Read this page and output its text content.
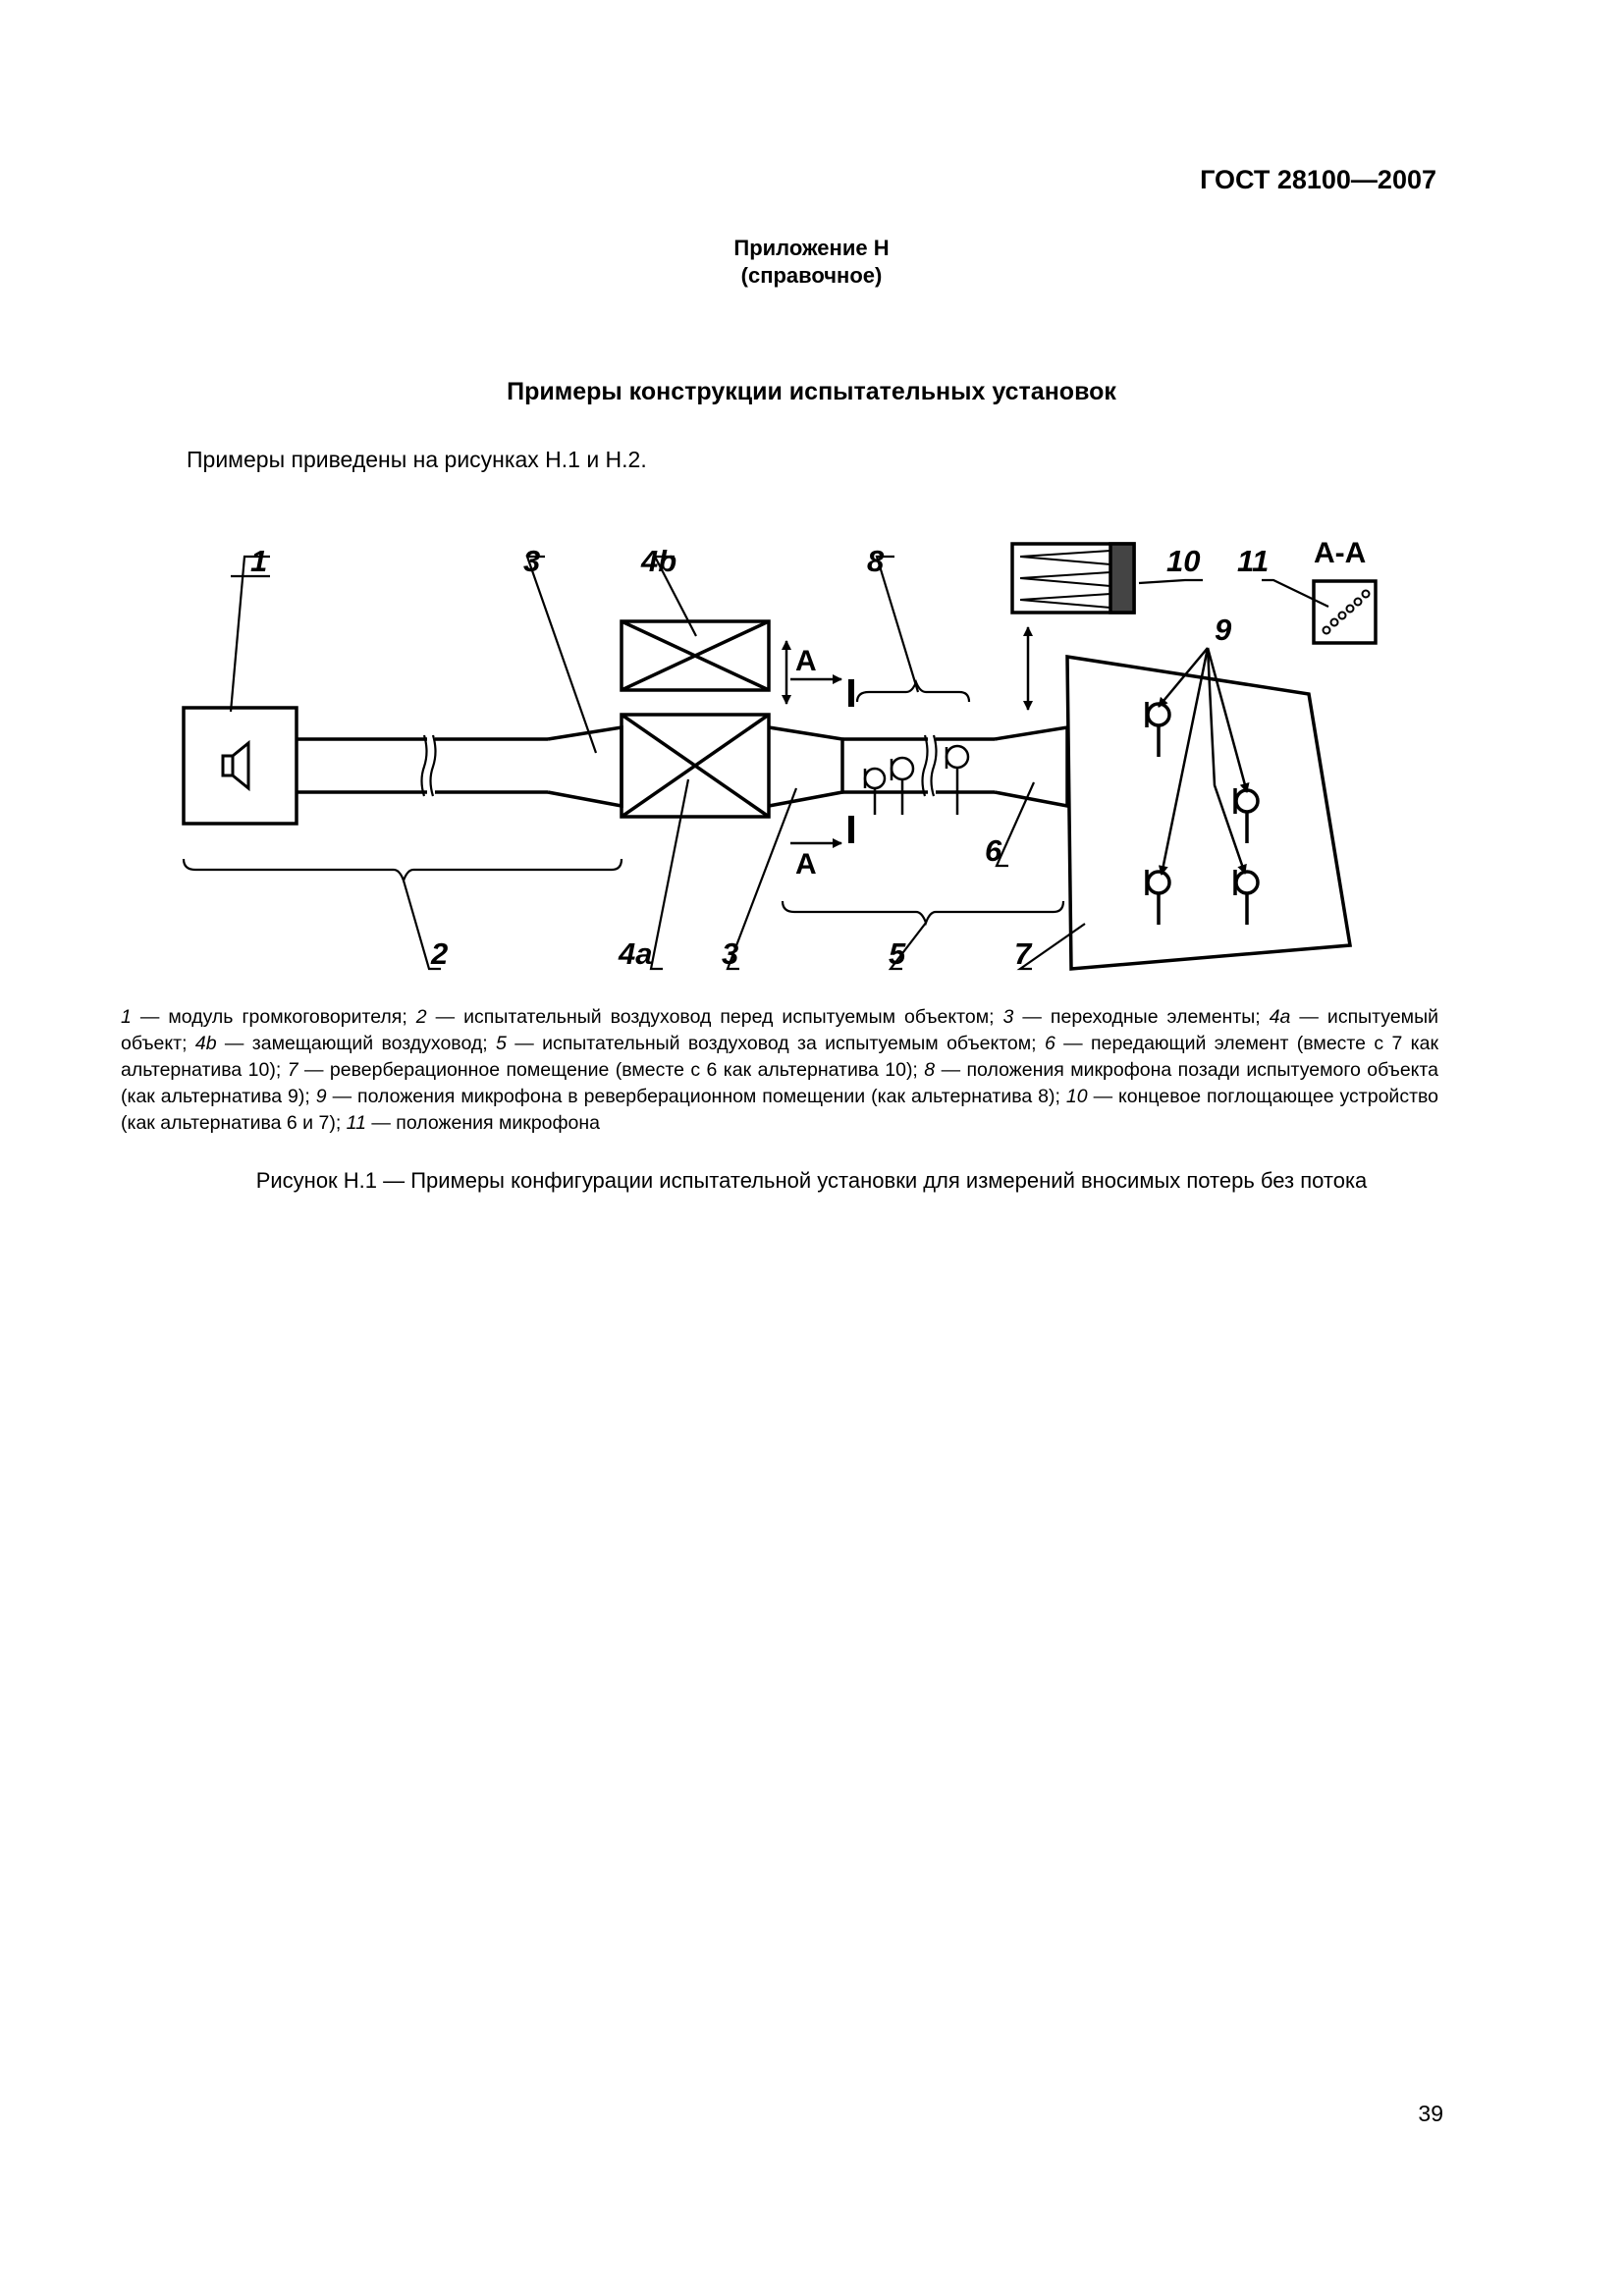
ГОСТ 28100—2007
Приложение Н
(справочное)
Примеры конструкции испытательных установок
Примеры приведены на рисунках Н.1 и Н.2.
1	3	4b	8	10 11
9
6
2	4a 3	5	7
А-А
А
А
1 — модуль громкоговорителя; 2 — испытательный воздуховод перед испытуемым объектом; 3 — переходные элементы; 4a — испытуемый объект; 4b — замещающий воздуховод; 5 — испытательный воздуховод за испытуемым объектом; 6 — передающий элемент (вместе с 7 как альтернатива 10); 7 — реверберационное помещение (вместе с 6 как альтернатива 10); 8 — положения микрофона позади испытуемого объекта (как альтернатива 9); 9 — положения микрофона в реверберационном помещении (как альтернатива 8); 10 — концевое поглощающее устройство (как альтернатива 6 и 7); 11 — положения микрофона
Рисунок Н.1 — Примеры конфигурации испытательной установки для измерений вносимых потерь без потока
39
